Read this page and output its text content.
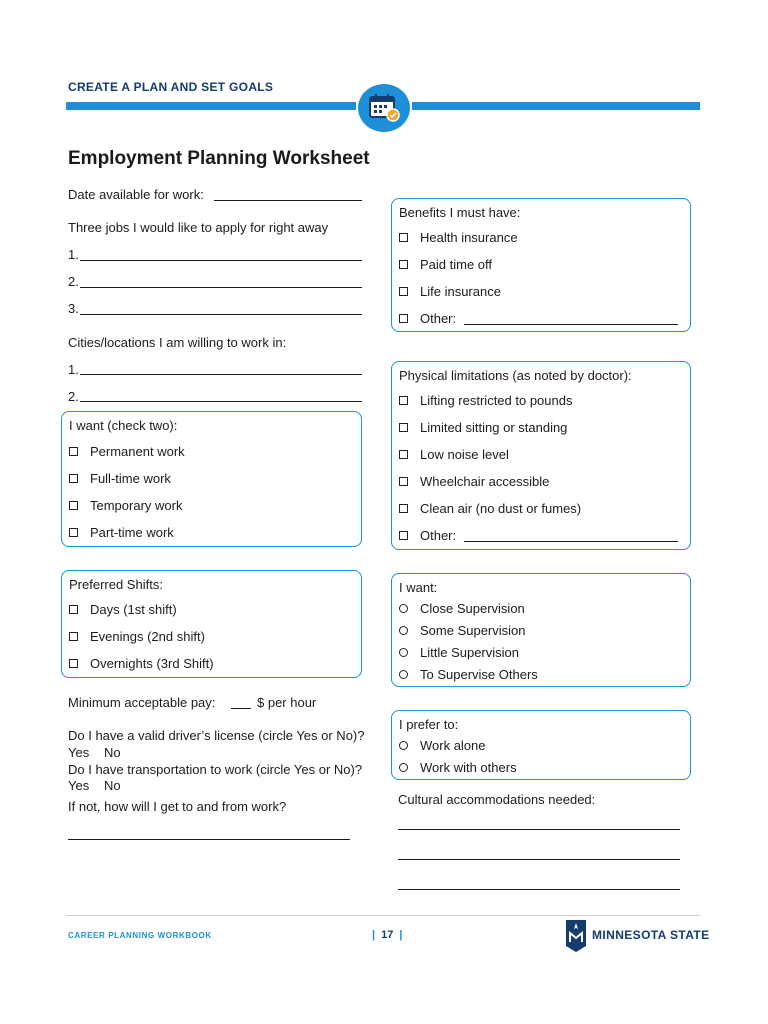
CREATE A PLAN AND SET GOALS
Employment Planning Worksheet
Date available for work:
Three jobs I would like to apply for right away
1.
2.
3.
Cities/locations I am willing to work in:
1.
2.
I want (check two):
Permanent work
Full-time work
Temporary work
Part-time work
Preferred Shifts:
Days (1st shift)
Evenings (2nd shift)
Overnights (3rd Shift)
Minimum acceptable pay:	$ per hour
Do I have a valid driver’s license (circle Yes or No)?
Yes No
Do I have transportation to work (circle Yes or No)?
Yes No
If not, how will I get to and from work?
Benefits I must have:
Health insurance
Paid time off
Life insurance
Other:
Physical limitations (as noted by doctor):
Lifting restricted to pounds
Limited sitting or standing
Low noise level
Wheelchair accessible
Clean air (no dust or fumes)
Other:
I want:
Close Supervision
Some Supervision
Little Supervision
To Supervise Others
I prefer to:
Work alone
Work with others
Cultural accommodations needed:
CAREER PLANNING WORKBOOK	| 17 |	MINNESOTA STATE
